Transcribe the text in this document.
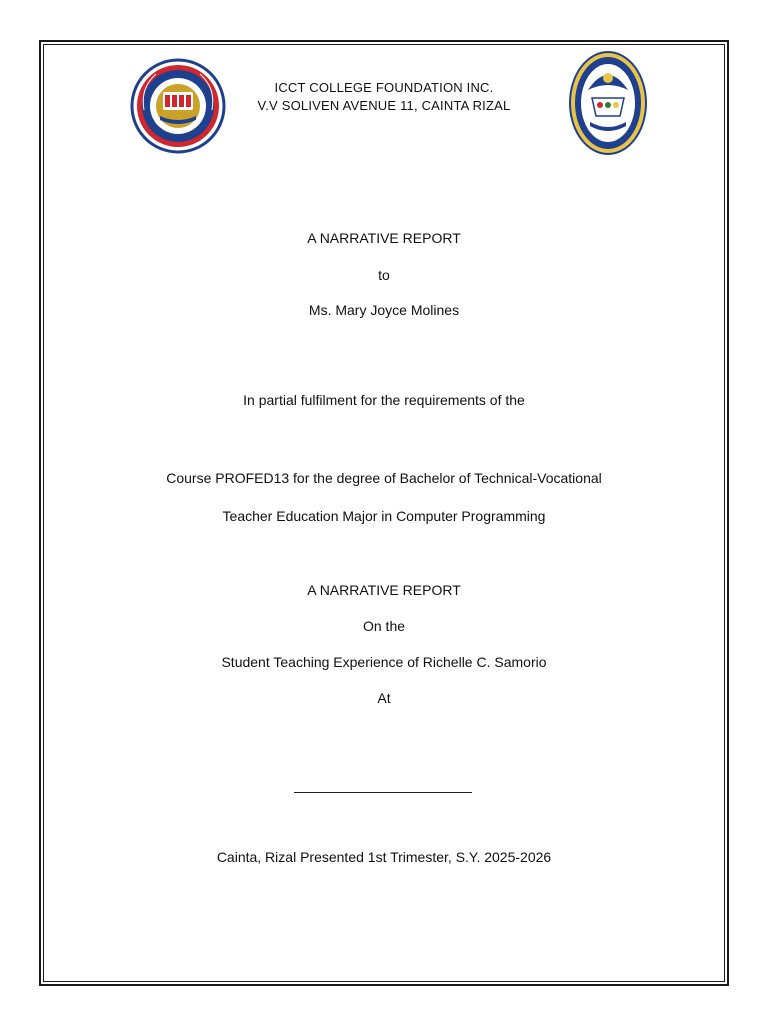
ICCT COLLEGE FOUNDATION INC.
V.V SOLIVEN AVENUE 11, CAINTA RIZAL
A NARRATIVE REPORT
to
Ms. Mary Joyce Molines
In partial fulfilment for the requirements of the
Course PROFED13 for the degree of Bachelor of Technical-Vocational
Teacher Education Major in Computer Programming
A NARRATIVE REPORT
On the
Student Teaching Experience of Richelle C. Samorio
At
Cainta, Rizal Presented 1st Trimester, S.Y. 2025-2026
